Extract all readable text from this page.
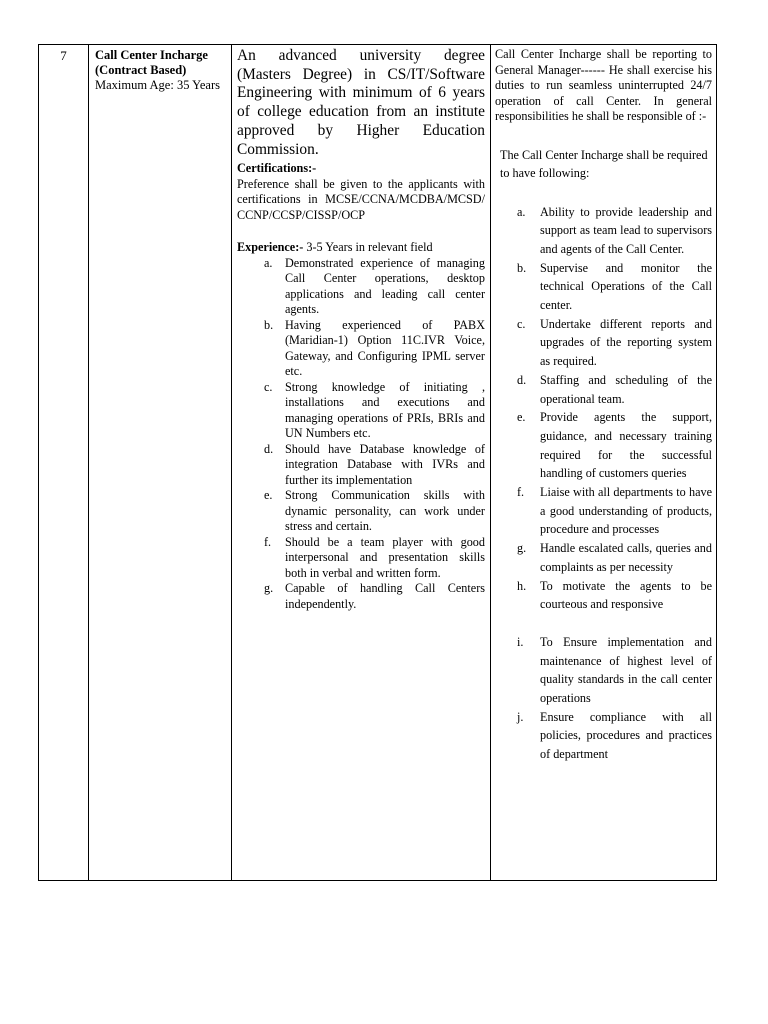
7	Call Center Incharge (Contract Based)
Maximum Age: 35 Years

An advanced university degree (Masters Degree) in CS/IT/Software Engineering with minimum of 6 years of college education from an institute approved by Higher Education Commission.

Certifications:-

Preference shall be given to the applicants with certifications in MCSE/CCNA/MCDBA/MCSD/ CCNP/CCSP/CISSP/OCP

Experience:- 3-5 Years in relevant field

a. Demonstrated experience of managing Call Center operations, desktop applications and leading call center agents.
b. Having experienced of PABX (Maridian-1) Option 11C.IVR Voice, Gateway, and Configuring IPML server etc.
c. Strong knowledge of initiating , installations and executions and managing operations of PRIs, BRIs and UN Numbers etc.
d. Should have Database knowledge of integration Database with IVRs and further its implementation
e. Strong Communication skills with dynamic personality, can work under stress and certain.
f. Should be a team player with good interpersonal and presentation skills both in verbal and written form.
g. Capable of handling Call Centers independently.

Call Center Incharge shall be reporting to General Manager------ He shall exercise his duties to run seamless uninterrupted 24/7 operation of call Center. In general responsibilities he shall be responsible of :-

The Call Center Incharge shall be required to have following:

a. Ability to provide leadership and support as team lead to supervisors and agents of the Call Center.
b. Supervise and monitor the technical Operations of the Call center.
c. Undertake different reports and upgrades of the reporting system as required.
d. Staffing and scheduling of the operational team.
e. Provide agents the support, guidance, and necessary training required for the successful handling of customers queries
f. Liaise with all departments to have a good understanding of products, procedure and processes
g. Handle escalated calls, queries and complaints as per necessity
h. To motivate the agents to be courteous and responsive
i. To Ensure implementation and maintenance of highest level of quality standards in the call center operations
j. Ensure compliance with all policies, procedures and practices of department
